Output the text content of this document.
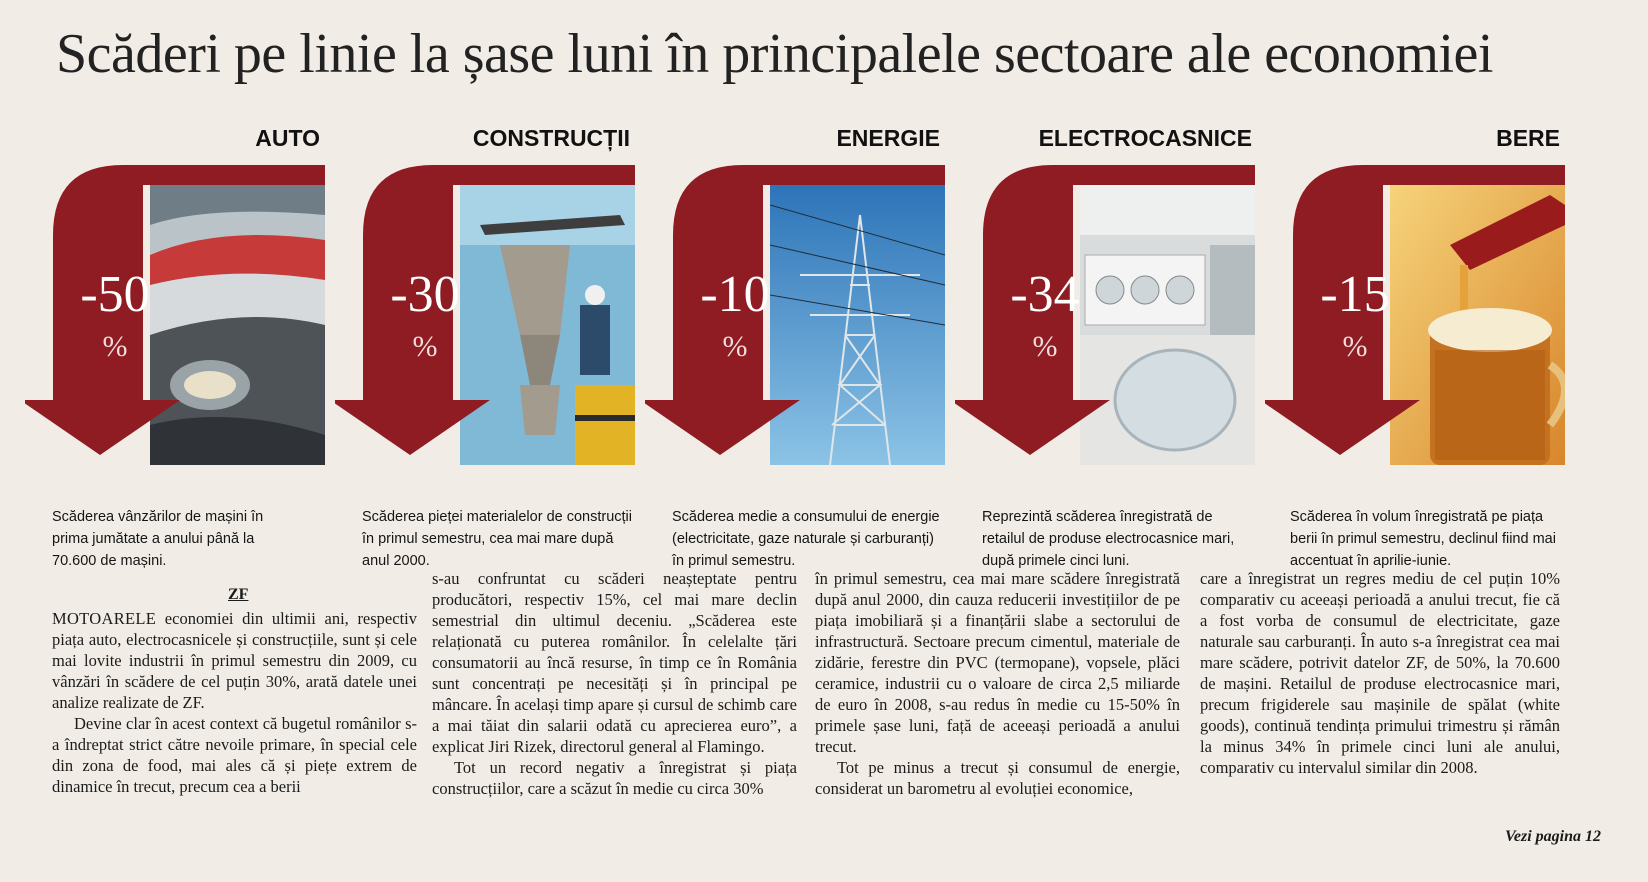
Scăderi pe linie la șase luni în principalele sectoare ale economiei
AUTO	CONSTRUCȚII	ENERGIE	ELECTROCASNICE	BERE
-50
%
-30
%
-10
%
-34
%
-15
%
Scăderea vânzărilor de mașini în prima jumătate a anului până la 70.600 de mașini.
Scăderea pieței materialelor de construcții în primul semestru, cea mai mare după anul 2000.
Scăderea medie a consumului de energie (electricitate, gaze naturale și carburanți) în primul semestru.
Reprezintă scăderea înregistrată de retailul de produse electrocasnice mari, după primele cinci luni.
Scăderea în volum înregistrată pe piața berii în primul semestru, declinul fiind mai accentuat în aprilie-iunie.
ZF

MOTOARELE economiei din ultimii ani, respectiv piața auto, electrocasnicele și construcțiile, sunt și cele mai lovite industrii în primul semestru din 2009, cu vânzări în scădere de cel puțin 30%, arată datele unei analize realizate de ZF.

Devine clar în acest context că bugetul românilor s-a îndreptat strict către nevoile primare, în special cele din zona de food, mai ales că și piețe extrem de dinamice în trecut, precum cea a berii

s-au confruntat cu scăderi neașteptate pentru producători, respectiv 15%, cel mai mare declin semestrial din ultimul deceniu. „Scăderea este relaționată cu puterea românilor. În celelalte țări consumatorii au încă resurse, în timp ce în România sunt concentrați pe necesități și în principal pe mâncare. În același timp apare și cursul de schimb care a mai tăiat din salarii odată cu aprecierea euro”, a explicat Jiri Rizek, directorul general al Flamingo.

Tot un record negativ a înregistrat și piața construcțiilor, care a scăzut în medie cu circa 30%

în primul semestru, cea mai mare scădere înregistrată după anul 2000, din cauza reducerii investițiilor de pe piața imobiliară și a finanțării slabe a sectorului de infrastructură. Sectoare precum cimentul, materiale de zidărie, ferestre din PVC (termopane), vopsele, plăci ceramice, industrii cu o valoare de circa 2,5 miliarde de euro în 2008, s-au redus în medie cu 15-50% în primele șase luni, față de aceeași perioadă a anului trecut.

Tot pe minus a trecut și consumul de energie, considerat un barometru al evoluției economice,

care a înregistrat un regres mediu de cel puțin 10% comparativ cu aceeași perioadă a anului trecut, fie că a fost vorba de consumul de electricitate, gaze naturale sau carburanți. În auto s-a înregistrat cea mai mare scădere, potrivit datelor ZF, de 50%, la 70.600 de mașini. Retailul de produse electrocasnice mari, precum frigiderele sau mașinile de spălat (white goods), continuă tendința primului trimestru și rămân la minus 34% în primele cinci luni ale anului, comparativ cu intervalul similar din 2008.

Vezi pagina 12
